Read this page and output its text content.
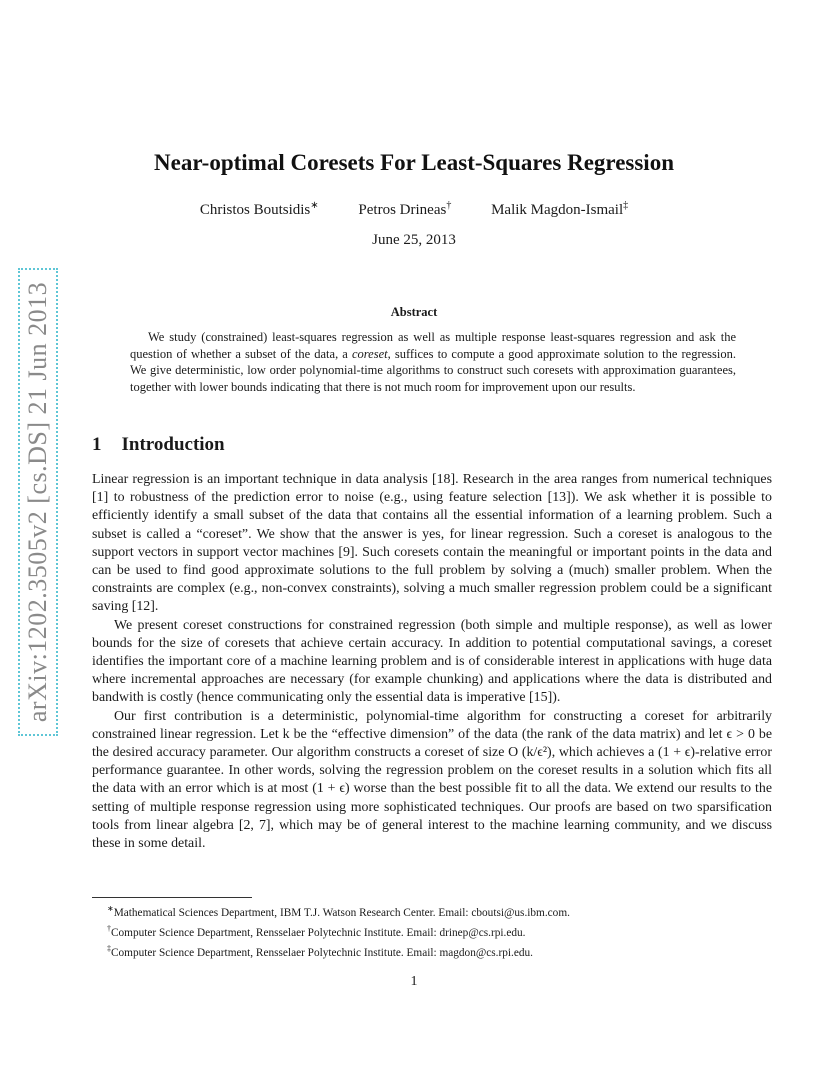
arXiv:1202.3505v2 [cs.DS] 21 Jun 2013
Near-optimal Coresets For Least-Squares Regression
Christos Boutsidis∗	Petros Drineas†	Malik Magdon-Ismail‡
June 25, 2013
Abstract
We study (constrained) least-squares regression as well as multiple response least-squares regression and ask the question of whether a subset of the data, a coreset, suffices to compute a good approximate solution to the regression. We give deterministic, low order polynomial-time algorithms to construct such coresets with approximation guarantees, together with lower bounds indicating that there is not much room for improvement upon our results.
1 Introduction

Linear regression is an important technique in data analysis [18]. Research in the area ranges from numerical techniques [1] to robustness of the prediction error to noise (e.g., using feature selection [13]). We ask whether it is possible to efficiently identify a small subset of the data that contains all the essential information of a learning problem. Such a subset is called a “coreset”. We show that the answer is yes, for linear regression. Such a coreset is analogous to the support vectors in support vector machines [9]. Such coresets contain the meaningful or important points in the data and can be used to find good approximate solutions to the full problem by solving a (much) smaller problem. When the constraints are complex (e.g., non-convex constraints), solving a much smaller regression problem could be a significant saving [12].

We present coreset constructions for constrained regression (both simple and multiple response), as well as lower bounds for the size of coresets that achieve certain accuracy. In addition to potential computational savings, a coreset identifies the important core of a machine learning problem and is of considerable interest in applications with huge data where incremental approaches are necessary (for example chunking) and applications where the data is distributed and bandwith is costly (hence communicating only the essential data is imperative [15]).

Our first contribution is a deterministic, polynomial-time algorithm for constructing a coreset for arbitrarily constrained linear regression. Let k be the “effective dimension” of the data (the rank of the data matrix) and let ϵ > 0 be the desired accuracy parameter. Our algorithm constructs a coreset of size O (k/ϵ²), which achieves a (1 + ϵ)-relative error performance guarantee. In other words, solving the regression problem on the coreset results in a solution which fits all the data with an error which is at most (1 + ϵ) worse than the best possible fit to all the data. We extend our results to the setting of multiple response regression using more sophisticated techniques. Our proofs are based on two sparsification tools from linear algebra [2, 7], which may be of general interest to the machine learning community, and we discuss these in some detail.

∗Mathematical Sciences Department, IBM T.J. Watson Research Center. Email: cboutsi@us.ibm.com.
†Computer Science Department, Rensselaer Polytechnic Institute. Email: drinep@cs.rpi.edu.
‡Computer Science Department, Rensselaer Polytechnic Institute. Email: magdon@cs.rpi.edu.
1
